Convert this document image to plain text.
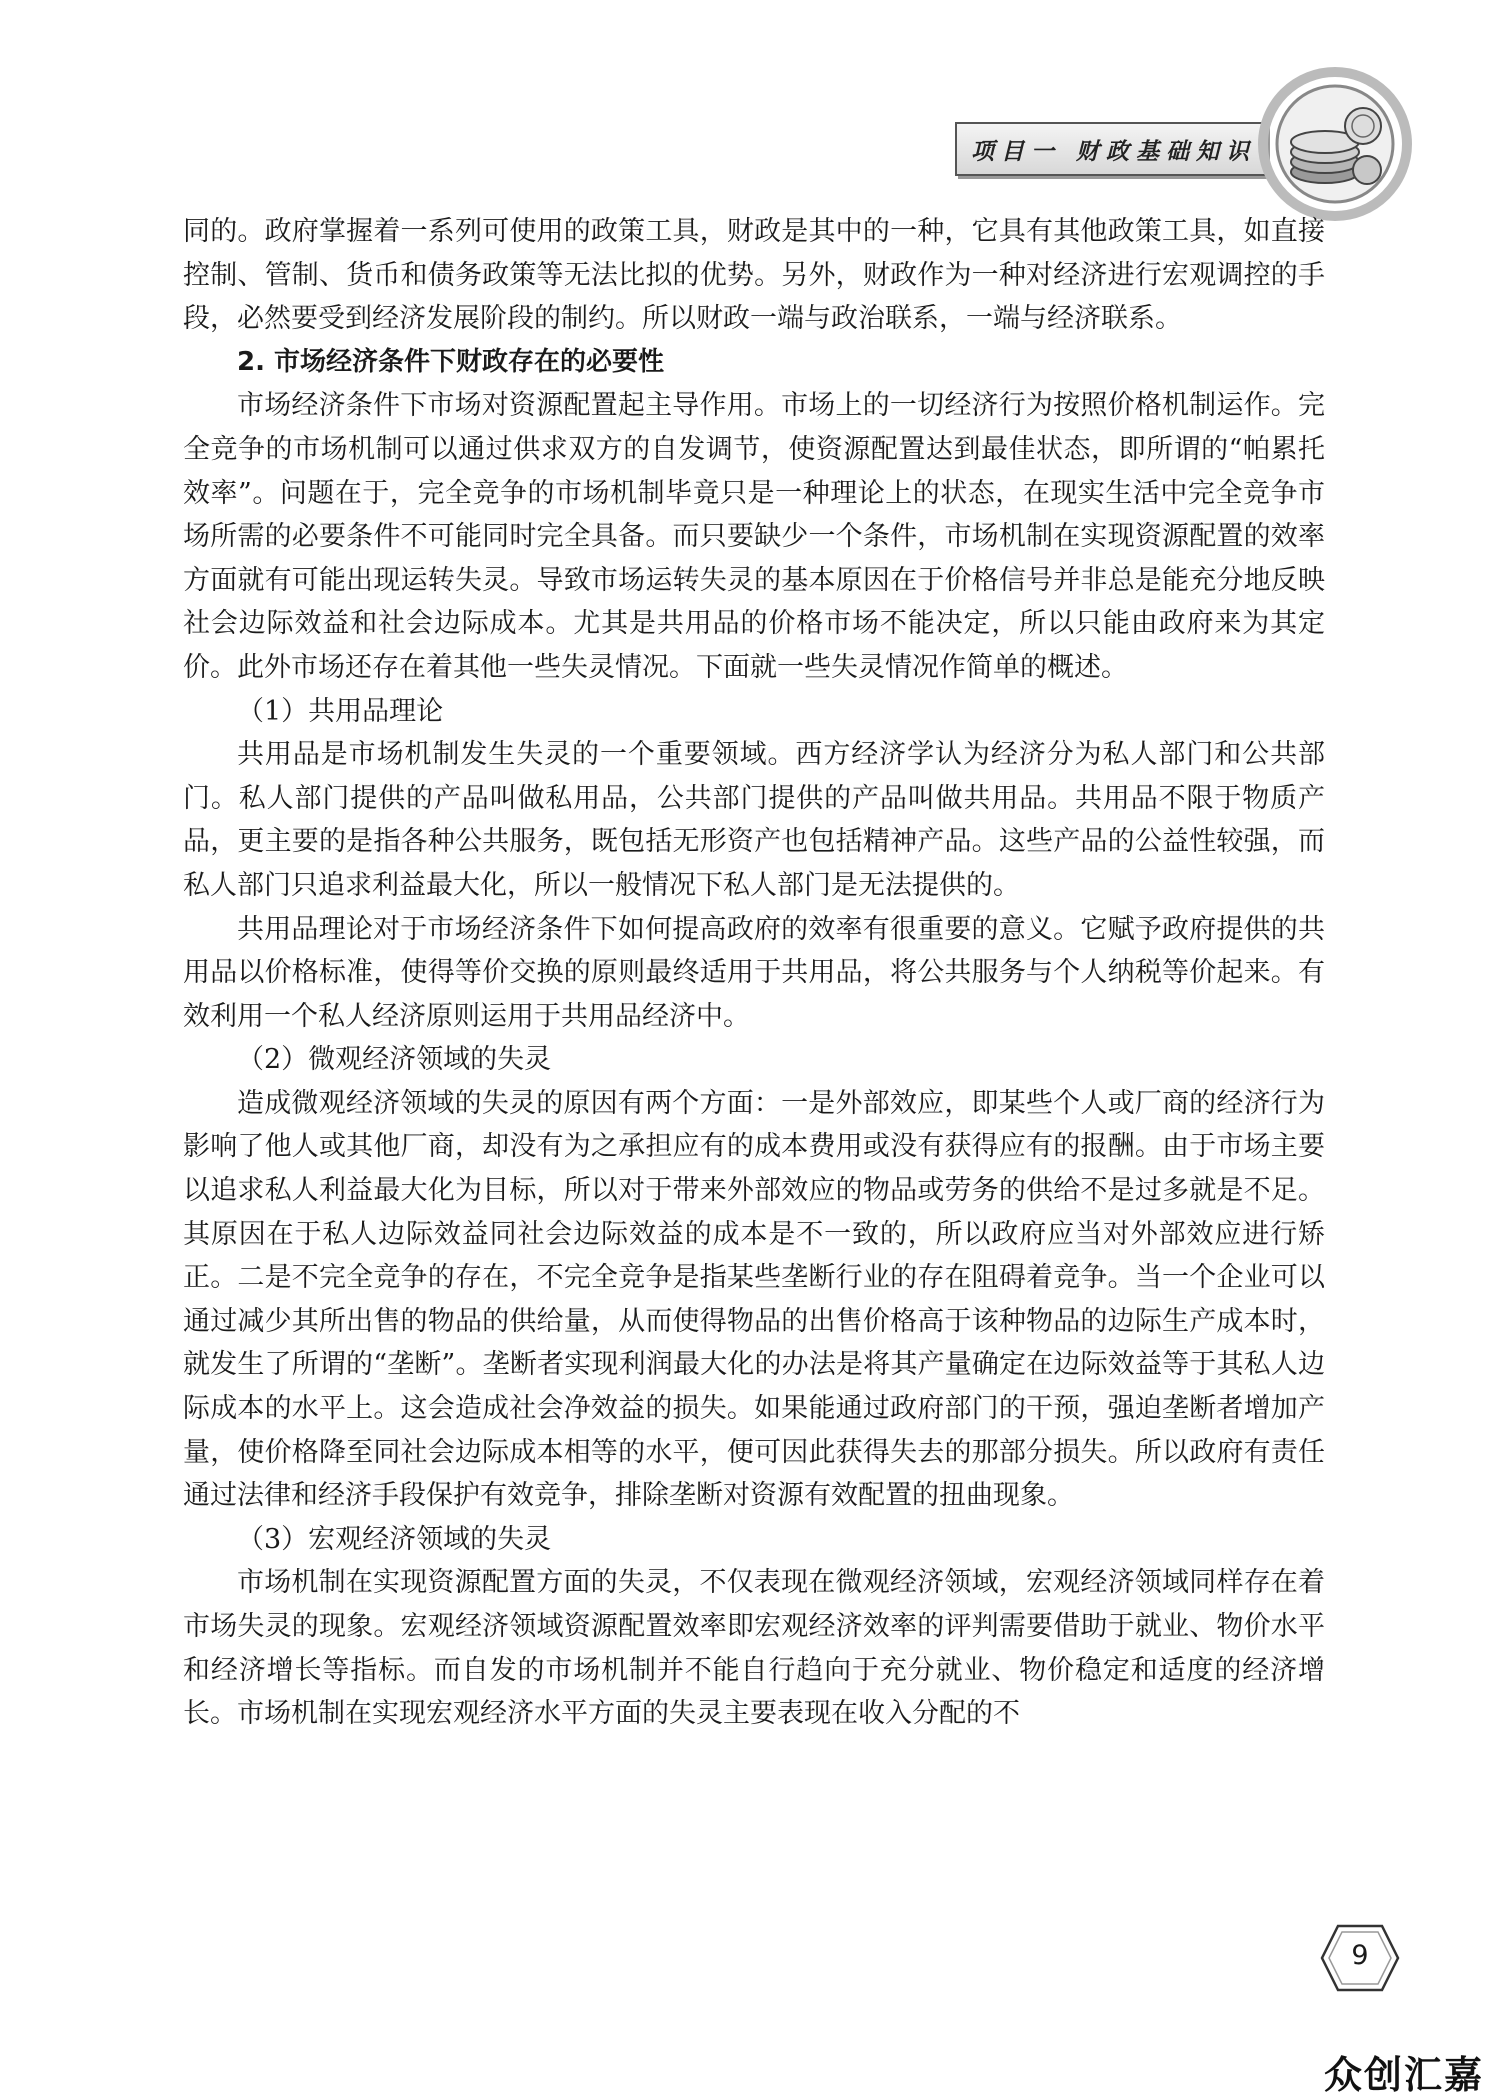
项目一 财政基础知识

同的。政府掌握着一系列可使用的政策工具，财政是其中的一种，它具有其他政策工具，如直接控制、管制、货币和债务政策等无法比拟的优势。另外，财政作为一种对经济进行宏观调控的手段，必然要受到经济发展阶段的制约。所以财政一端与政治联系，一端与经济联系。

2. 市场经济条件下财政存在的必要性

市场经济条件下市场对资源配置起主导作用。市场上的一切经济行为按照价格机制运作。完全竞争的市场机制可以通过供求双方的自发调节，使资源配置达到最佳状态，即所谓的“帕累托效率”。问题在于，完全竞争的市场机制毕竟只是一种理论上的状态，在现实生活中完全竞争市场所需的必要条件不可能同时完全具备。而只要缺少一个条件，市场机制在实现资源配置的效率方面就有可能出现运转失灵。导致市场运转失灵的基本原因在于价格信号并非总是能充分地反映社会边际效益和社会边际成本。尤其是共用品的价格市场不能决定，所以只能由政府来为其定价。此外市场还存在着其他一些失灵情况。下面就一些失灵情况作简单的概述。

（1）共用品理论

共用品是市场机制发生失灵的一个重要领域。西方经济学认为经济分为私人部门和公共部门。私人部门提供的产品叫做私用品，公共部门提供的产品叫做共用品。共用品不限于物质产品，更主要的是指各种公共服务，既包括无形资产也包括精神产品。这些产品的公益性较强，而私人部门只追求利益最大化，所以一般情况下私人部门是无法提供的。

共用品理论对于市场经济条件下如何提高政府的效率有很重要的意义。它赋予政府提供的共用品以价格标准，使得等价交换的原则最终适用于共用品，将公共服务与个人纳税等价起来。有效利用一个私人经济原则运用于共用品经济中。

（2）微观经济领域的失灵

造成微观经济领域的失灵的原因有两个方面：一是外部效应，即某些个人或厂商的经济行为影响了他人或其他厂商，却没有为之承担应有的成本费用或没有获得应有的报酬。由于市场主要以追求私人利益最大化为目标，所以对于带来外部效应的物品或劳务的供给不是过多就是不足。其原因在于私人边际效益同社会边际效益的成本是不一致的，所以政府应当对外部效应进行矫正。二是不完全竞争的存在，不完全竞争是指某些垄断行业的存在阻碍着竞争。当一个企业可以通过减少其所出售的物品的供给量，从而使得物品的出售价格高于该种物品的边际生产成本时，就发生了所谓的“垄断”。垄断者实现利润最大化的办法是将其产量确定在边际效益等于其私人边际成本的水平上。这会造成社会净效益的损失。如果能通过政府部门的干预，强迫垄断者增加产量，使价格降至同社会边际成本相等的水平，便可因此获得失去的那部分损失。所以政府有责任通过法律和经济手段保护有效竞争，排除垄断对资源有效配置的扭曲现象。

（3）宏观经济领域的失灵

市场机制在实现资源配置方面的失灵，不仅表现在微观经济领域，宏观经济领域同样存在着市场失灵的现象。宏观经济领域资源配置效率即宏观经济效率的评判需要借助于就业、物价水平和经济增长等指标。而自发的市场机制并不能自行趋向于充分就业、物价稳定和适度的经济增长。市场机制在实现宏观经济水平方面的失灵主要表现在收入分配的不

9
众创汇嘉
